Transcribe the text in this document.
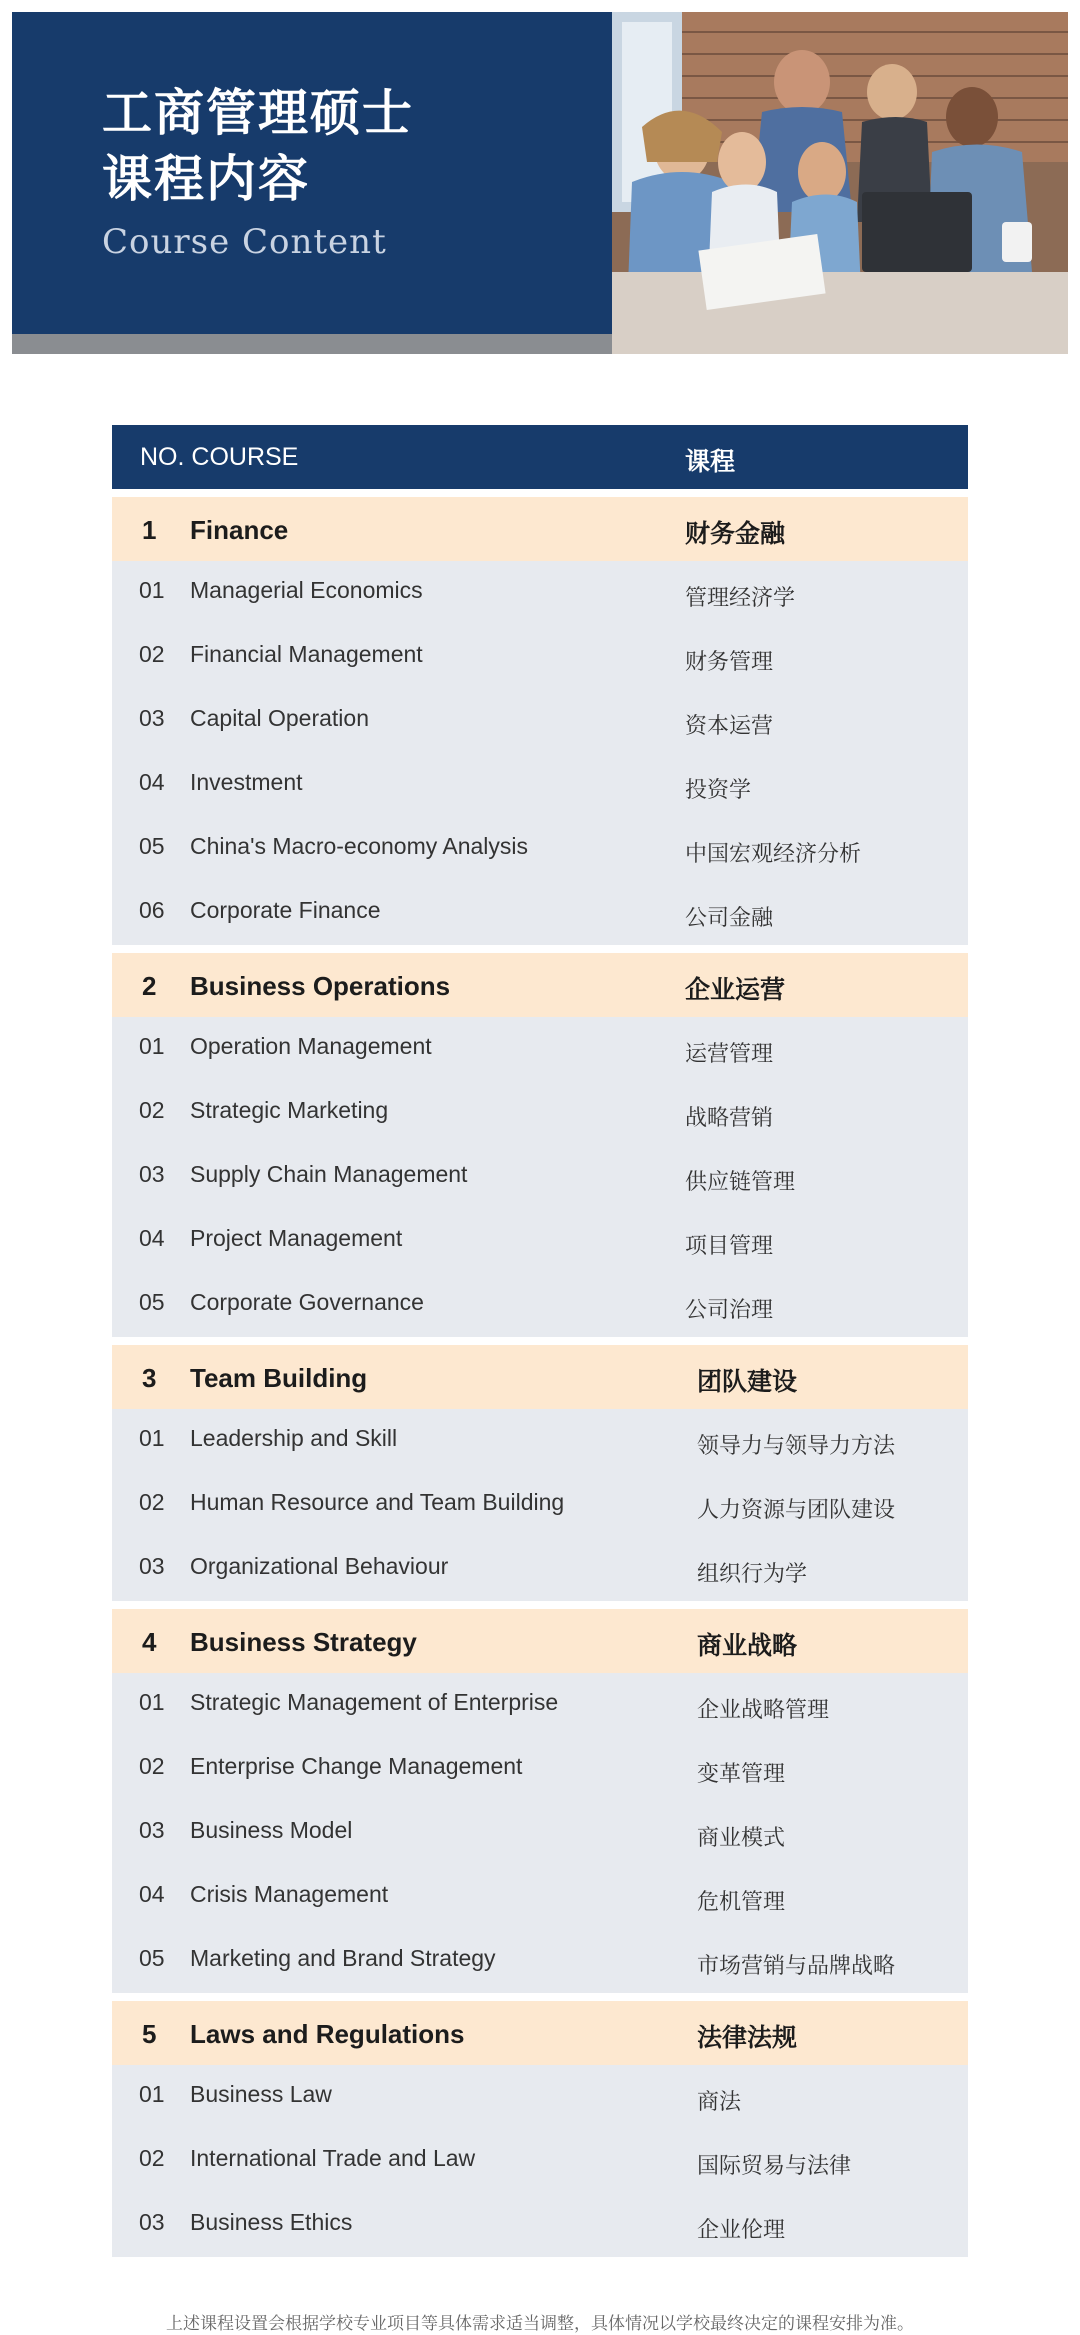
工商管理硕士
课程内容
Course Content
NO. COURSE	课程
1 Finance	财务金融
01 Managerial Economics	管理经济学
02 Financial Management	财务管理
03 Capital Operation	资本运营
04 Investment	投资学
05 China's Macro-economy Analysis	中国宏观经济分析
06 Corporate Finance	公司金融
2 Business Operations	企业运营
01 Operation Management	运营管理
02 Strategic Marketing	战略营销
03 Supply Chain Management	供应链管理
04 Project Management	项目管理
05 Corporate Governance	公司治理
3 Team Building	团队建设
01 Leadership and Skill	领导力与领导力方法
02 Human Resource and Team Building	人力资源与团队建设
03 Organizational Behaviour	组织行为学
4 Business Strategy	商业战略
01 Strategic Management of Enterprise	企业战略管理
02 Enterprise Change Management	变革管理
03 Business Model	商业模式
04 Crisis Management	危机管理
05 Marketing and Brand Strategy	市场营销与品牌战略
5 Laws and Regulations	法律法规
01 Business Law	商法
02 International Trade and Law	国际贸易与法律
03 Business Ethics	企业伦理
上述课程设置会根据学校专业项目等具体需求适当调整，具体情况以学校最终决定的课程安排为准。
